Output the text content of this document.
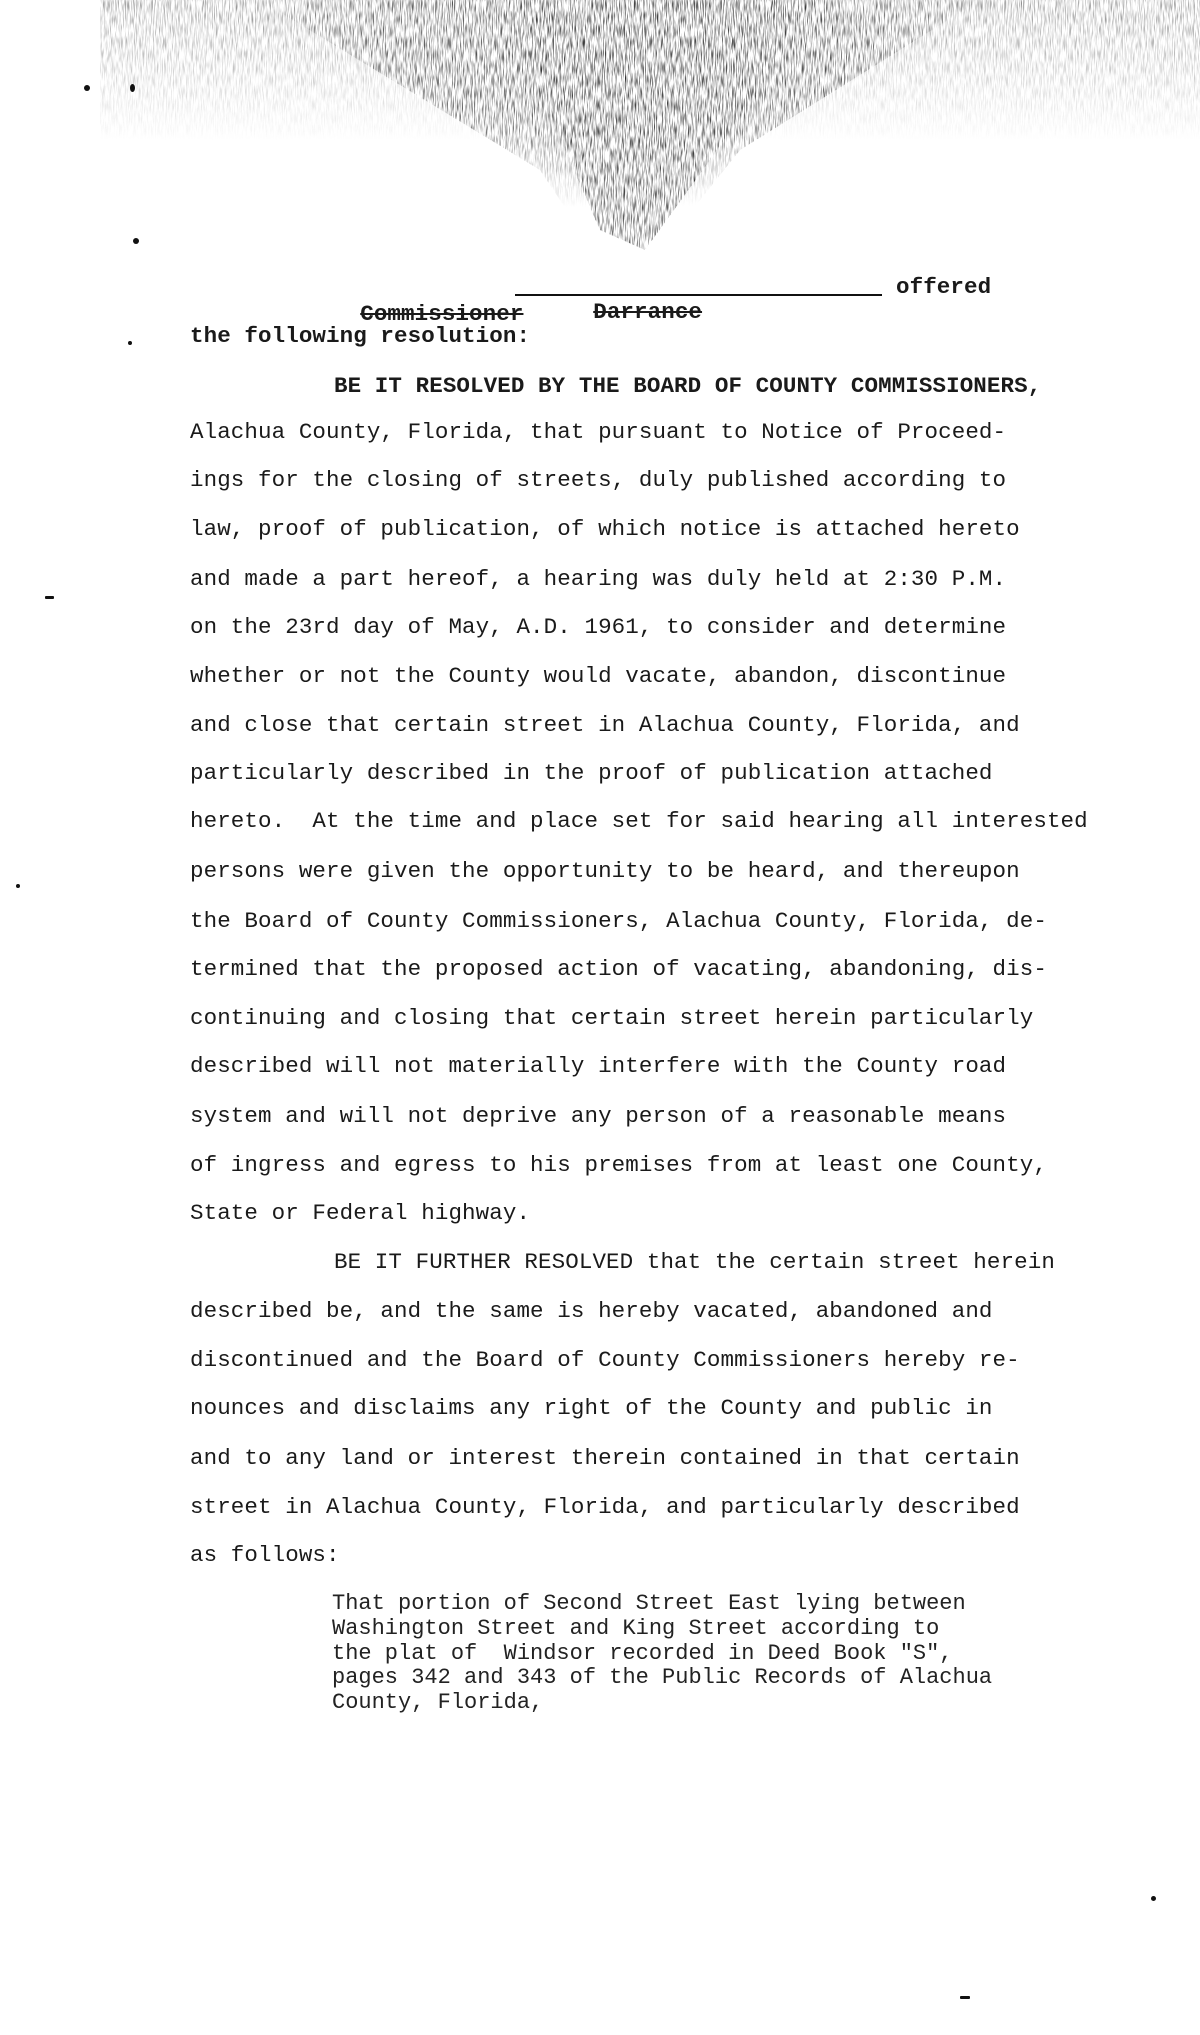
Commissioner	Darrance

offered
the following resolution:
BE IT RESOLVED BY THE BOARD OF COUNTY COMMISSIONERS,
Alachua County, Florida, that pursuant to Notice of Proceed-
ings for the closing of streets, duly published according to
law, proof of publication, of which notice is attached hereto
and made a part hereof, a hearing was duly held at 2:30 P.M.
on the 23rd day of May, A.D. 1961, to consider and determine
whether or not the County would vacate, abandon, discontinue
and close that certain street in Alachua County, Florida, and
particularly described in the proof of publication attached
hereto.  At the time and place set for said hearing all interested
persons were given the opportunity to be heard, and thereupon
the Board of County Commissioners, Alachua County, Florida, de-
termined that the proposed action of vacating, abandoning, dis-
continuing and closing that certain street herein particularly
described will not materially interfere with the County road
system and will not deprive any person of a reasonable means
of ingress and egress to his premises from at least one County,
State or Federal highway.
BE IT FURTHER RESOLVED that the certain street herein
described be, and the same is hereby vacated, abandoned and
discontinued and the Board of County Commissioners hereby re-
nounces and disclaims any right of the County and public in
and to any land or interest therein contained in that certain
street in Alachua County, Florida, and particularly described
as follows:
That portion of Second Street East lying between
Washington Street and King Street according to
the plat of  Windsor recorded in Deed Book "S",
pages 342 and 343 of the Public Records of Alachua
County, Florida,
